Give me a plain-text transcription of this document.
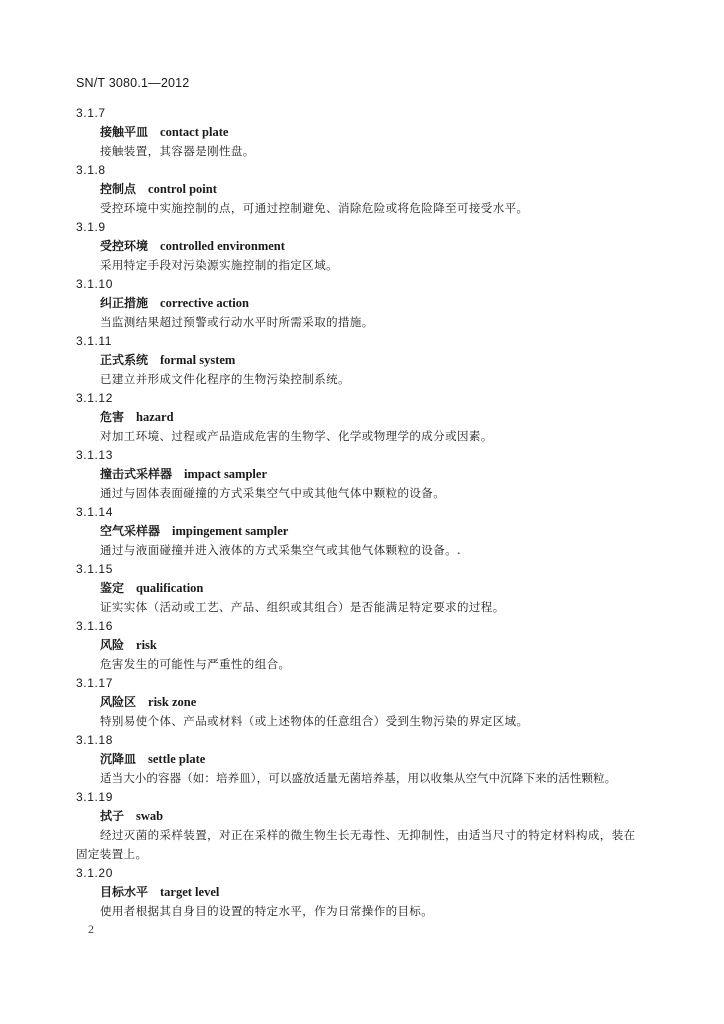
SN/T 3080.1—2012
3.1.7
接触平皿 contact plate
接触装置，其容器是刚性盘。
3.1.8
控制点 control point
受控环境中实施控制的点，可通过控制避免、消除危险或将危险降至可接受水平。
3.1.9
受控环境 controlled environment
采用特定手段对污染源实施控制的指定区域。
3.1.10
纠正措施 corrective action
当监测结果超过预警或行动水平时所需采取的措施。
3.1.11
正式系统 formal system
已建立并形成文件化程序的生物污染控制系统。
3.1.12
危害 hazard
对加工环境、过程或产品造成危害的生物学、化学或物理学的成分或因素。
3.1.13
撞击式采样器 impact sampler
通过与固体表面碰撞的方式采集空气中或其他气体中颗粒的设备。
3.1.14
空气采样器 impingement sampler
通过与液面碰撞并进入液体的方式采集空气或其他气体颗粒的设备。.
3.1.15
鉴定 qualification
证实实体（活动或工艺、产品、组织或其组合）是否能满足特定要求的过程。
3.1.16
风险 risk
危害发生的可能性与严重性的组合。
3.1.17
风险区 risk zone
特别易使个体、产品或材料（或上述物体的任意组合）受到生物污染的界定区域。
3.1.18
沉降皿 settle plate
适当大小的容器（如：培养皿），可以盛放适量无菌培养基，用以收集从空气中沉降下来的活性颗粒。
3.1.19
拭子 swab
经过灭菌的采样装置，对正在采样的微生物生长无毒性、无抑制性，由适当尺寸的特定材料构成，装在固定装置上。
3.1.20
目标水平 target level
使用者根据其自身目的设置的特定水平，作为日常操作的目标。
2
